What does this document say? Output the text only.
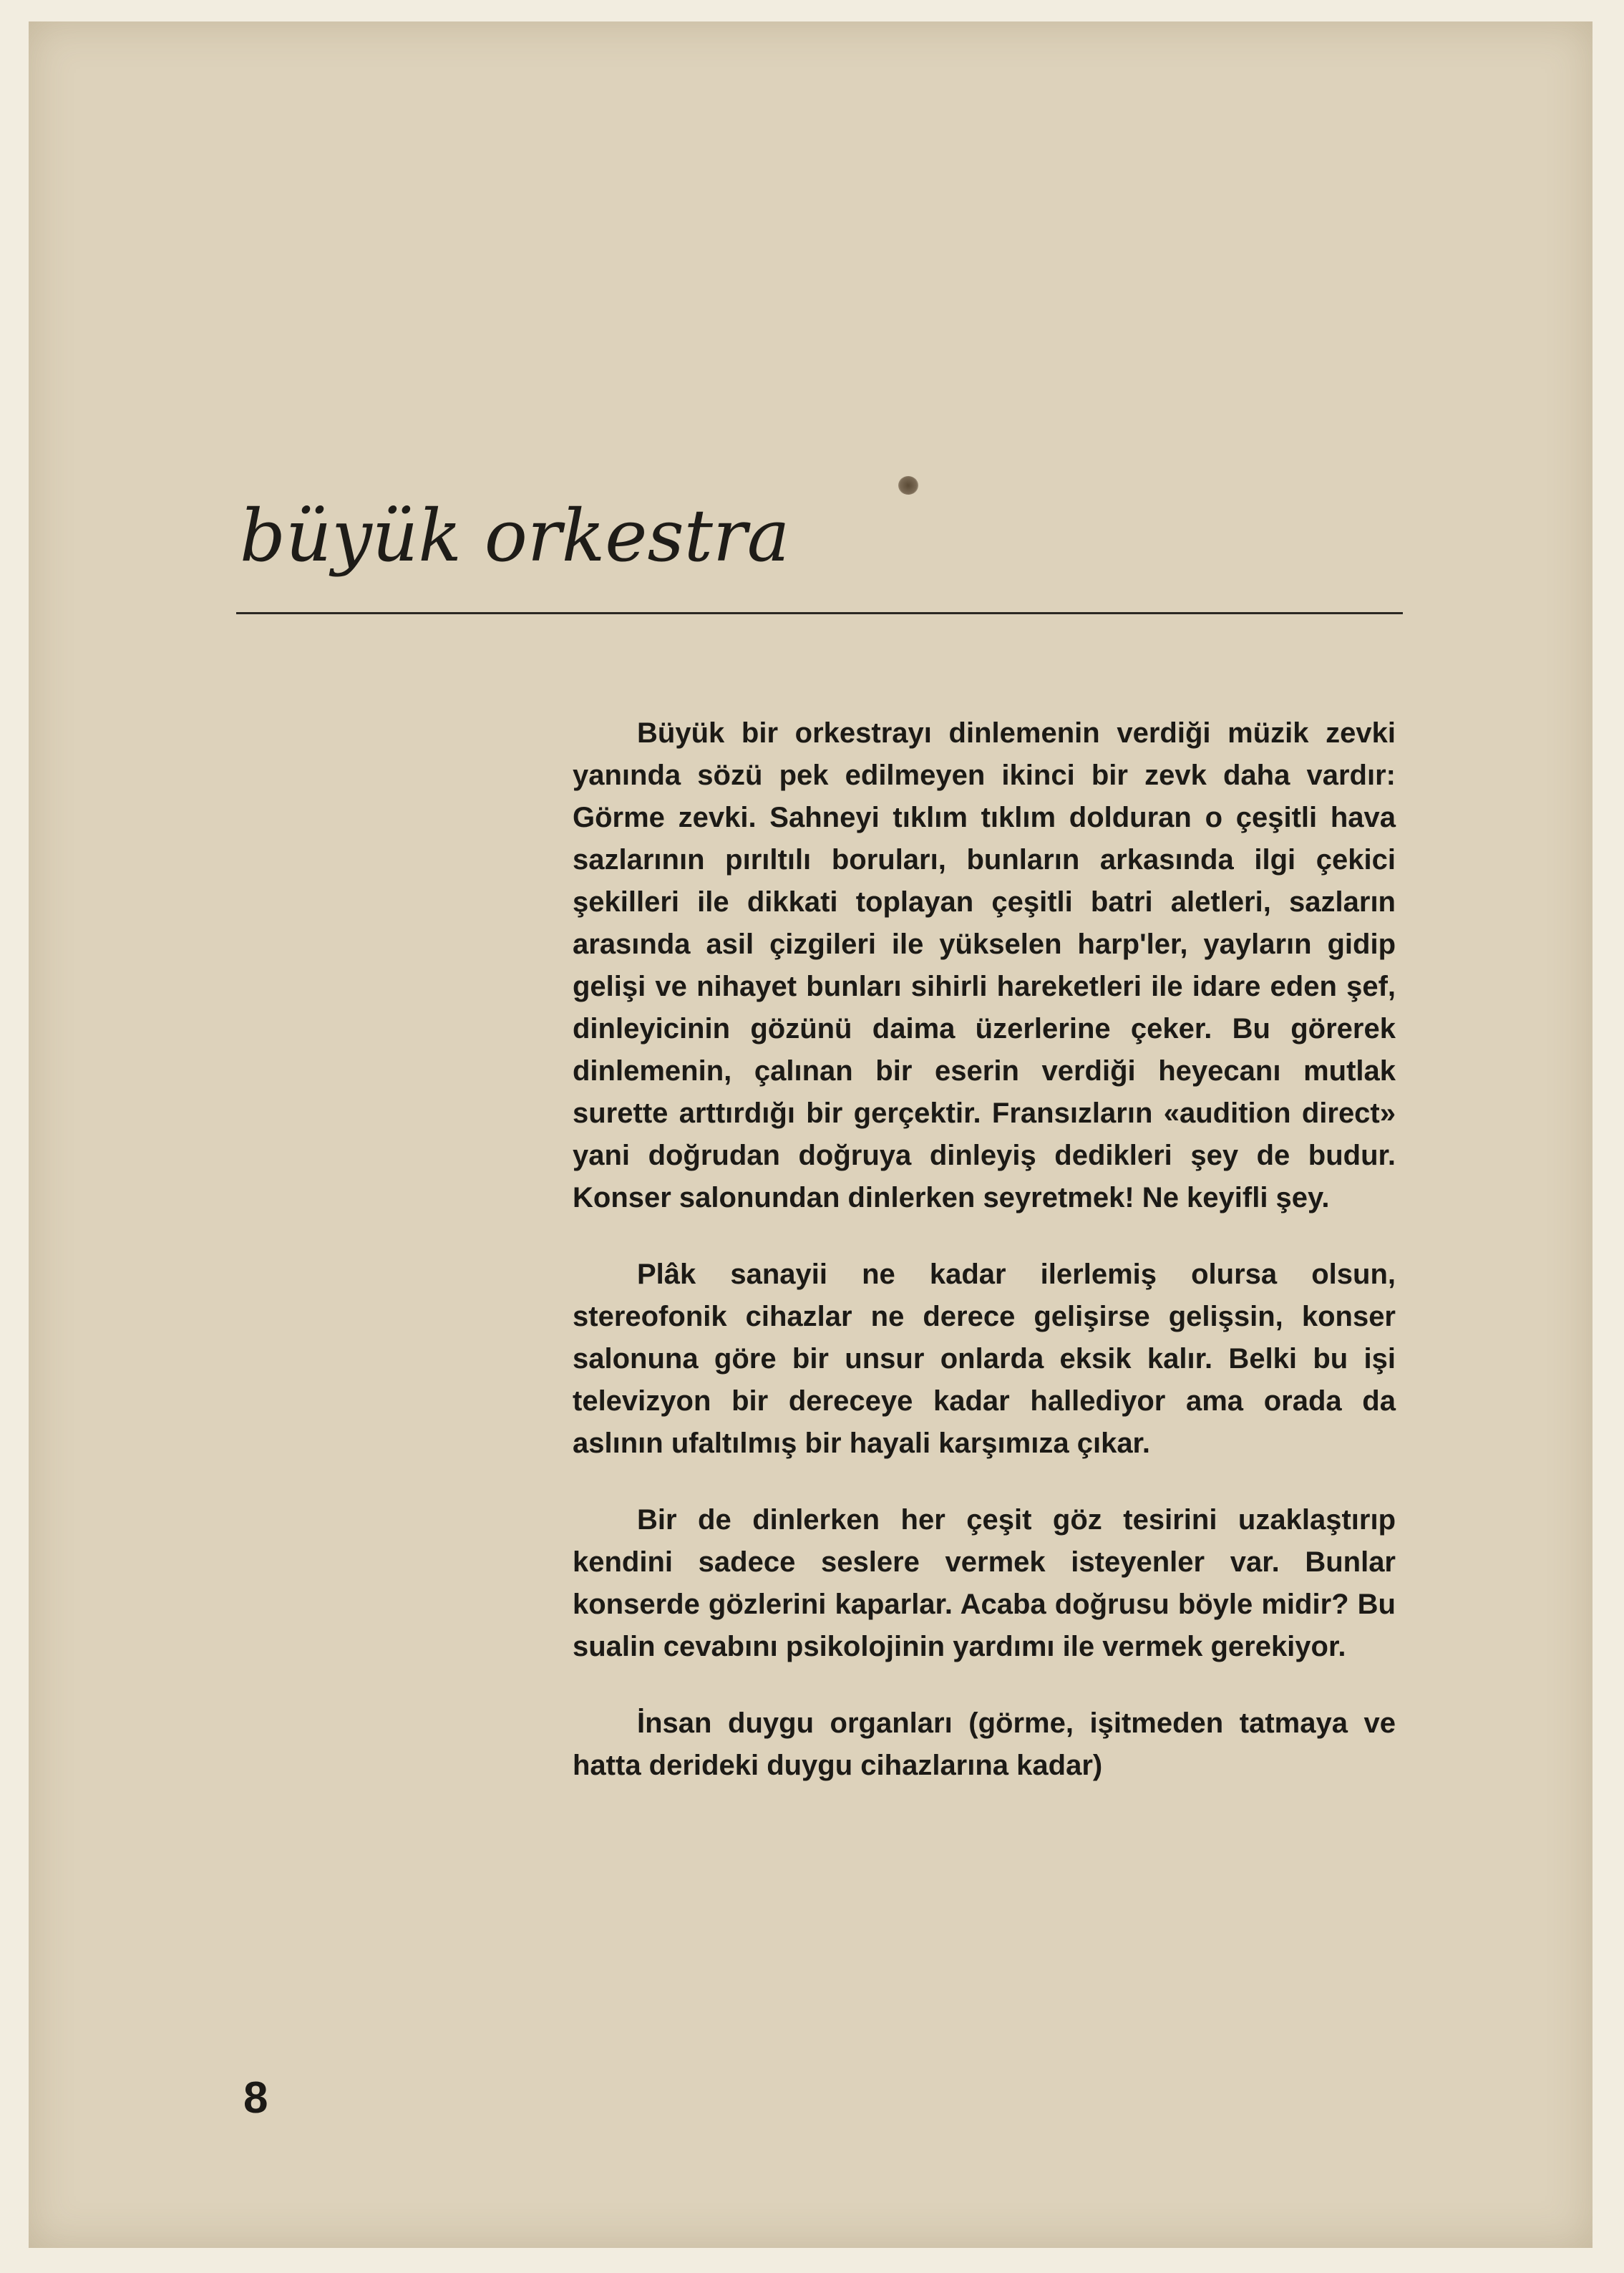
büyük orkestra

Büyük bir orkestrayı dinlemenin verdiği müzik zevki yanında sözü pek edilmeyen ikinci bir zevk daha vardır: Görme zevki. Sahneyi tıklım tıklım dolduran o çeşitli hava sazlarının pırıltılı boruları, bunların arkasında ilgi çekici şekilleri ile dikkati toplayan çeşitli batri aletleri, sazların arasında asil çizgileri ile yükselen harp'ler, yayların gidip gelişi ve nihayet bunları sihirli hareketleri ile idare eden şef, dinleyicinin gözünü daima üzerlerine çeker. Bu görerek dinlemenin, çalınan bir eserin verdiği heyecanı mutlak surette arttırdığı bir gerçektir. Fransızların «audition direct» yani doğrudan doğruya dinleyiş dedikleri şey de budur. Konser salonundan dinlerken seyretmek! Ne keyifli şey.

Plâk sanayii ne kadar ilerlemiş olursa olsun, stereofonik cihazlar ne derece gelişirse gelişsin, konser salonuna göre bir unsur onlarda eksik kalır. Belki bu işi televizyon bir dereceye kadar hallediyor ama orada da aslının ufaltılmış bir hayali karşımıza çıkar.

Bir de dinlerken her çeşit göz tesirini uzaklaştırıp kendini sadece seslere vermek isteyenler var. Bunlar konserde gözlerini kaparlar. Acaba doğrusu böyle midir? Bu sualin cevabını psikolojinin yardımı ile vermek gerekiyor.

İnsan duygu organları (görme, işitmeden tatmaya ve hatta derideki duygu cihazlarına kadar)

8
